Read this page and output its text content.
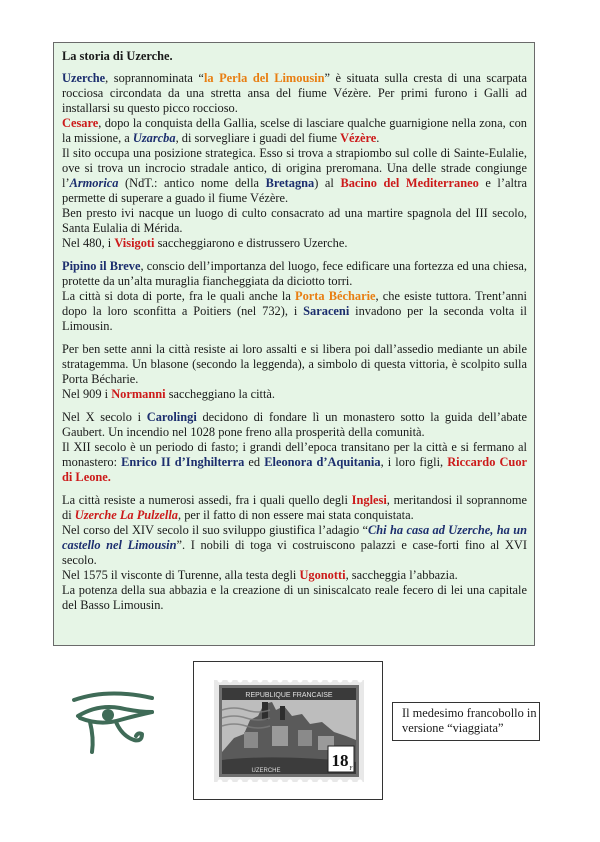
La storia di Uzerche.

Uzerche, soprannominata “la Perla del Limousin” è situata sulla cresta di una scarpata rocciosa circondata da una stretta ansa del fiume Vézère. Per primi furono i Galli ad installarsi su questo picco roccioso.

Cesare, dopo la conquista della Gallia, scelse di lasciare qualche guarnigione nella zona, con la missione, a Uzarcba, di sorvegliare i guadi del fiume Vézère.

Il sito occupa una posizione strategica. Esso si trova a strapiombo sul colle di Sainte-Eulalie, ove si trova un incrocio stradale antico, di origina preromana. Una delle strade congiunge l’Armorica (NdT.: antico nome della Bretagna) al Bacino del Mediterraneo e l’altra permette di superare a guado il fiume Vézère.

Ben presto ivi nacque un luogo di culto consacrato ad una martire spagnola del III secolo, Santa Eulalia di Mérida.

Nel 480, i Visigoti saccheggiarono e distrussero Uzerche.

Pipino il Breve, conscio dell’importanza del luogo, fece edificare una fortezza ed una chiesa, protette da un’alta muraglia fiancheggiata da diciotto torri.

La città si dota di porte, fra le quali anche la Porta Bécharie, che esiste tuttora. Trent’anni dopo la loro sconfitta a Poitiers (nel 732), i Saraceni invadono per la seconda volta il Limousin.

Per ben sette anni la città resiste ai loro assalti e si libera poi dall’assedio mediante un abile stratagemma. Un blasone (secondo la leggenda), a simbolo di questa vittoria, è scolpito sulla Porta Bécharie.

Nel 909 i Normanni saccheggiano la città.

Nel X secolo i Carolingi decidono di fondare lì un monastero sotto la guida dell’abate Gaubert. Un incendio nel 1028 pone freno alla prosperità della comunità.

Il XII secolo è un periodo di fasto; i grandi dell’epoca transitano per la città e si fermano al monastero: Enrico II d’Inghilterra ed Eleonora d’Aquitania, i loro figli, Riccardo Cuor di Leone.

La città resiste a numerosi assedi, fra i quali quello degli Inglesi, meritandosi il soprannome di Uzerche La Pulzella, per il fatto di non essere mai stata conquistata.

Nel corso del XIV secolo il suo sviluppo giustifica l’adagio “Chi ha casa ad Uzerche, ha un castello nel Limousin”. I nobili di toga vi costruiscono palazzi e case-forti fino al XVI secolo.

Nel 1575 il visconte di Turenne, alla testa degli Ugonotti, saccheggia l’abbazia.

La potenza della sua abbazia e la creazione di un siniscalcato reale fecero di lei una capitale del Basso Limousin.

REPUBLIQUE FRANCAISE
18 F
UZERCHE
Il medesimo francobollo in versione “viaggiata”
